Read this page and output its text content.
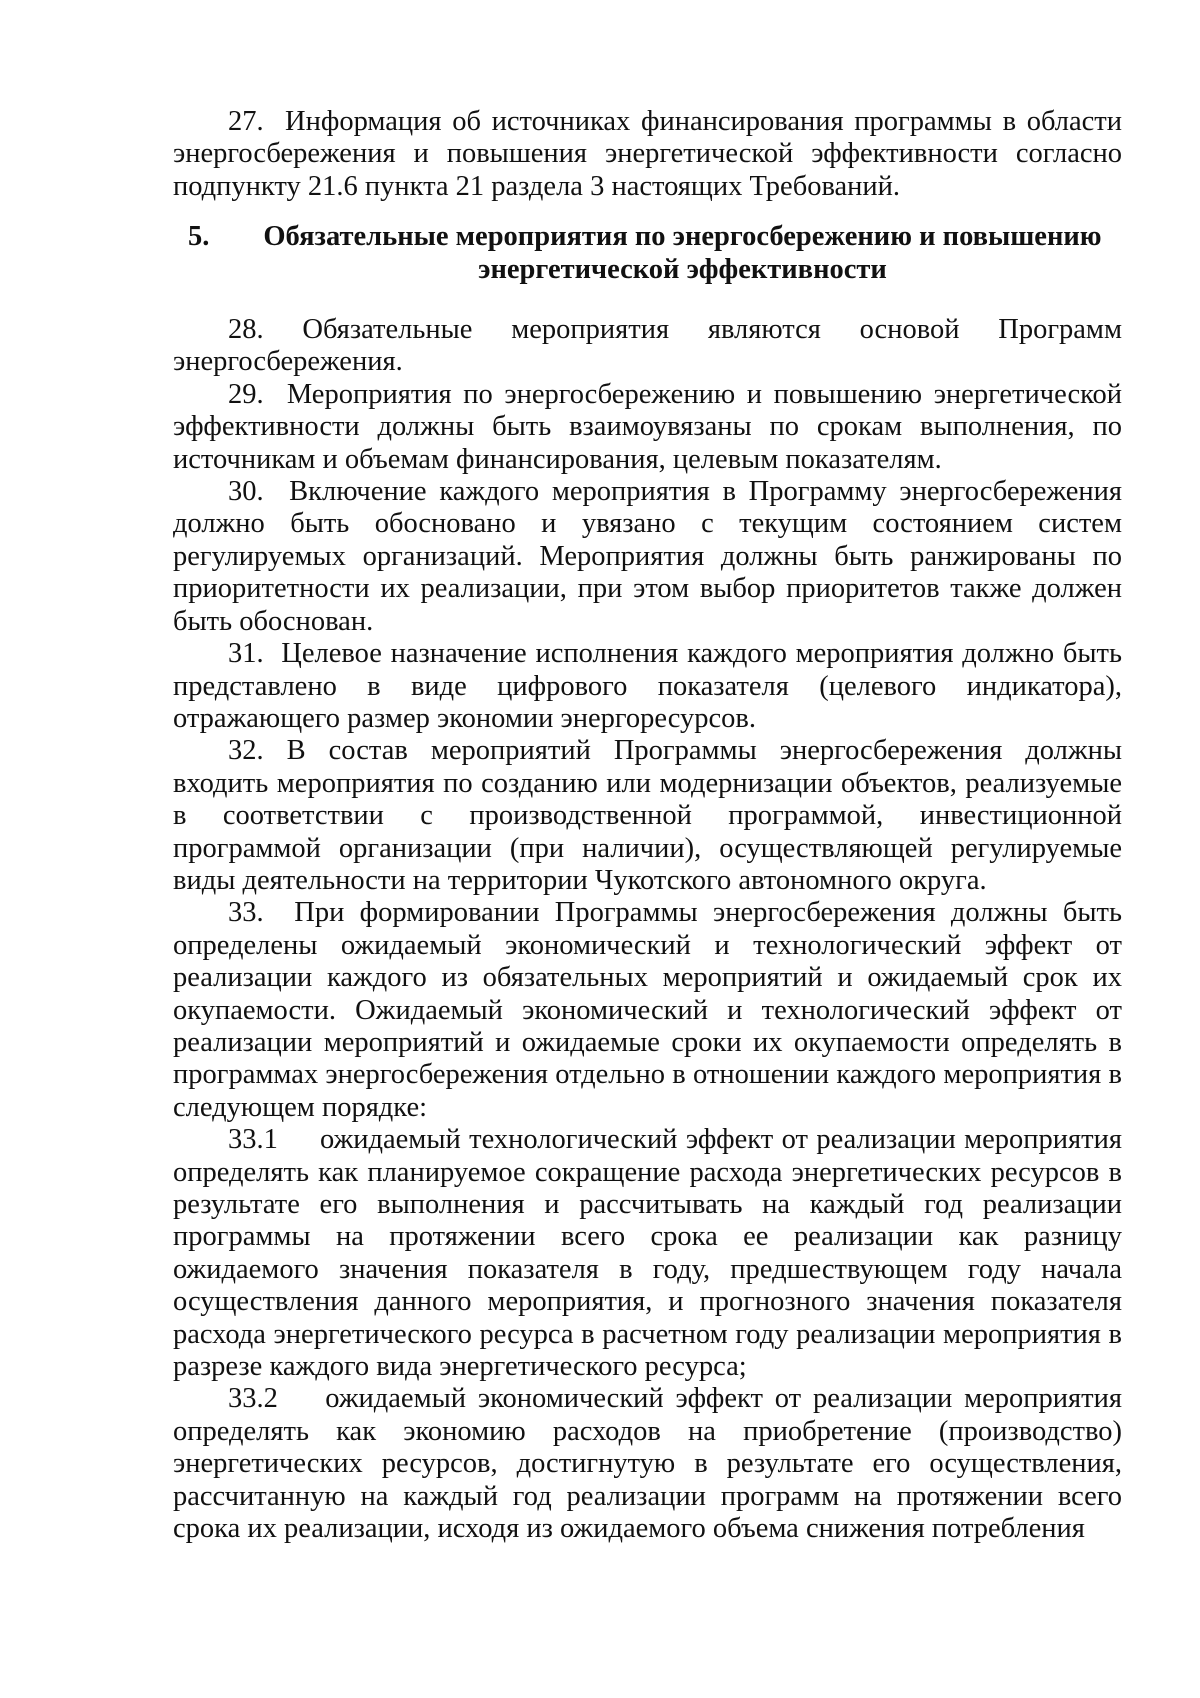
27.  Информация об источниках финансирования программы в области энергосбережения и повышения энергетической эффективности согласно подпункту 21.6 пункта 21 раздела 3 настоящих Требований.

5.	Обязательные мероприятия по энергосбережению и повышению энергетической эффективности

28. Обязательные мероприятия являются основой Программ энергосбережения.

29.  Мероприятия по энергосбережению и повышению энергетической эффективности должны быть взаимоувязаны по срокам выполнения, по источникам и объемам финансирования, целевым показателям.

30.  Включение каждого мероприятия в Программу энергосбережения должно быть обосновано и увязано с текущим состоянием систем регулируемых организаций. Мероприятия должны быть ранжированы по приоритетности их реализации, при этом выбор приоритетов также должен быть обоснован.

31.  Целевое назначение исполнения каждого мероприятия должно быть представлено в виде цифрового показателя (целевого индикатора), отражающего размер экономии энергоресурсов.

32. В состав мероприятий Программы энергосбережения должны входить мероприятия по созданию или модернизации объектов, реализуемые в соответствии с производственной программой, инвестиционной программой организации (при наличии), осуществляющей регулируемые виды деятельности на территории Чукотского автономного округа.

33.  При формировании Программы энергосбережения должны быть определены ожидаемый экономический и технологический эффект от реализации каждого из обязательных мероприятий и ожидаемый срок их окупаемости. Ожидаемый экономический и технологический эффект от реализации мероприятий и ожидаемые сроки их окупаемости определять в программах энергосбережения отдельно в отношении каждого мероприятия в следующем порядке:

33.1     ожидаемый технологический эффект от реализации мероприятия определять как планируемое сокращение расхода энергетических ресурсов в результате его выполнения и рассчитывать на каждый год реализации программы на протяжении всего срока ее реализации как разницу ожидаемого значения показателя в году, предшествующем году начала осуществления данного мероприятия, и прогнозного значения показателя расхода энергетического ресурса в расчетном году реализации мероприятия в разрезе каждого вида энергетического ресурса;

33.2    ожидаемый экономический эффект от реализации мероприятия определять как экономию расходов на приобретение (производство) энергетических ресурсов, достигнутую в результате его осуществления, рассчитанную на каждый год реализации программ на протяжении всего срока их реализации, исходя из ожидаемого объема снижения потребления
